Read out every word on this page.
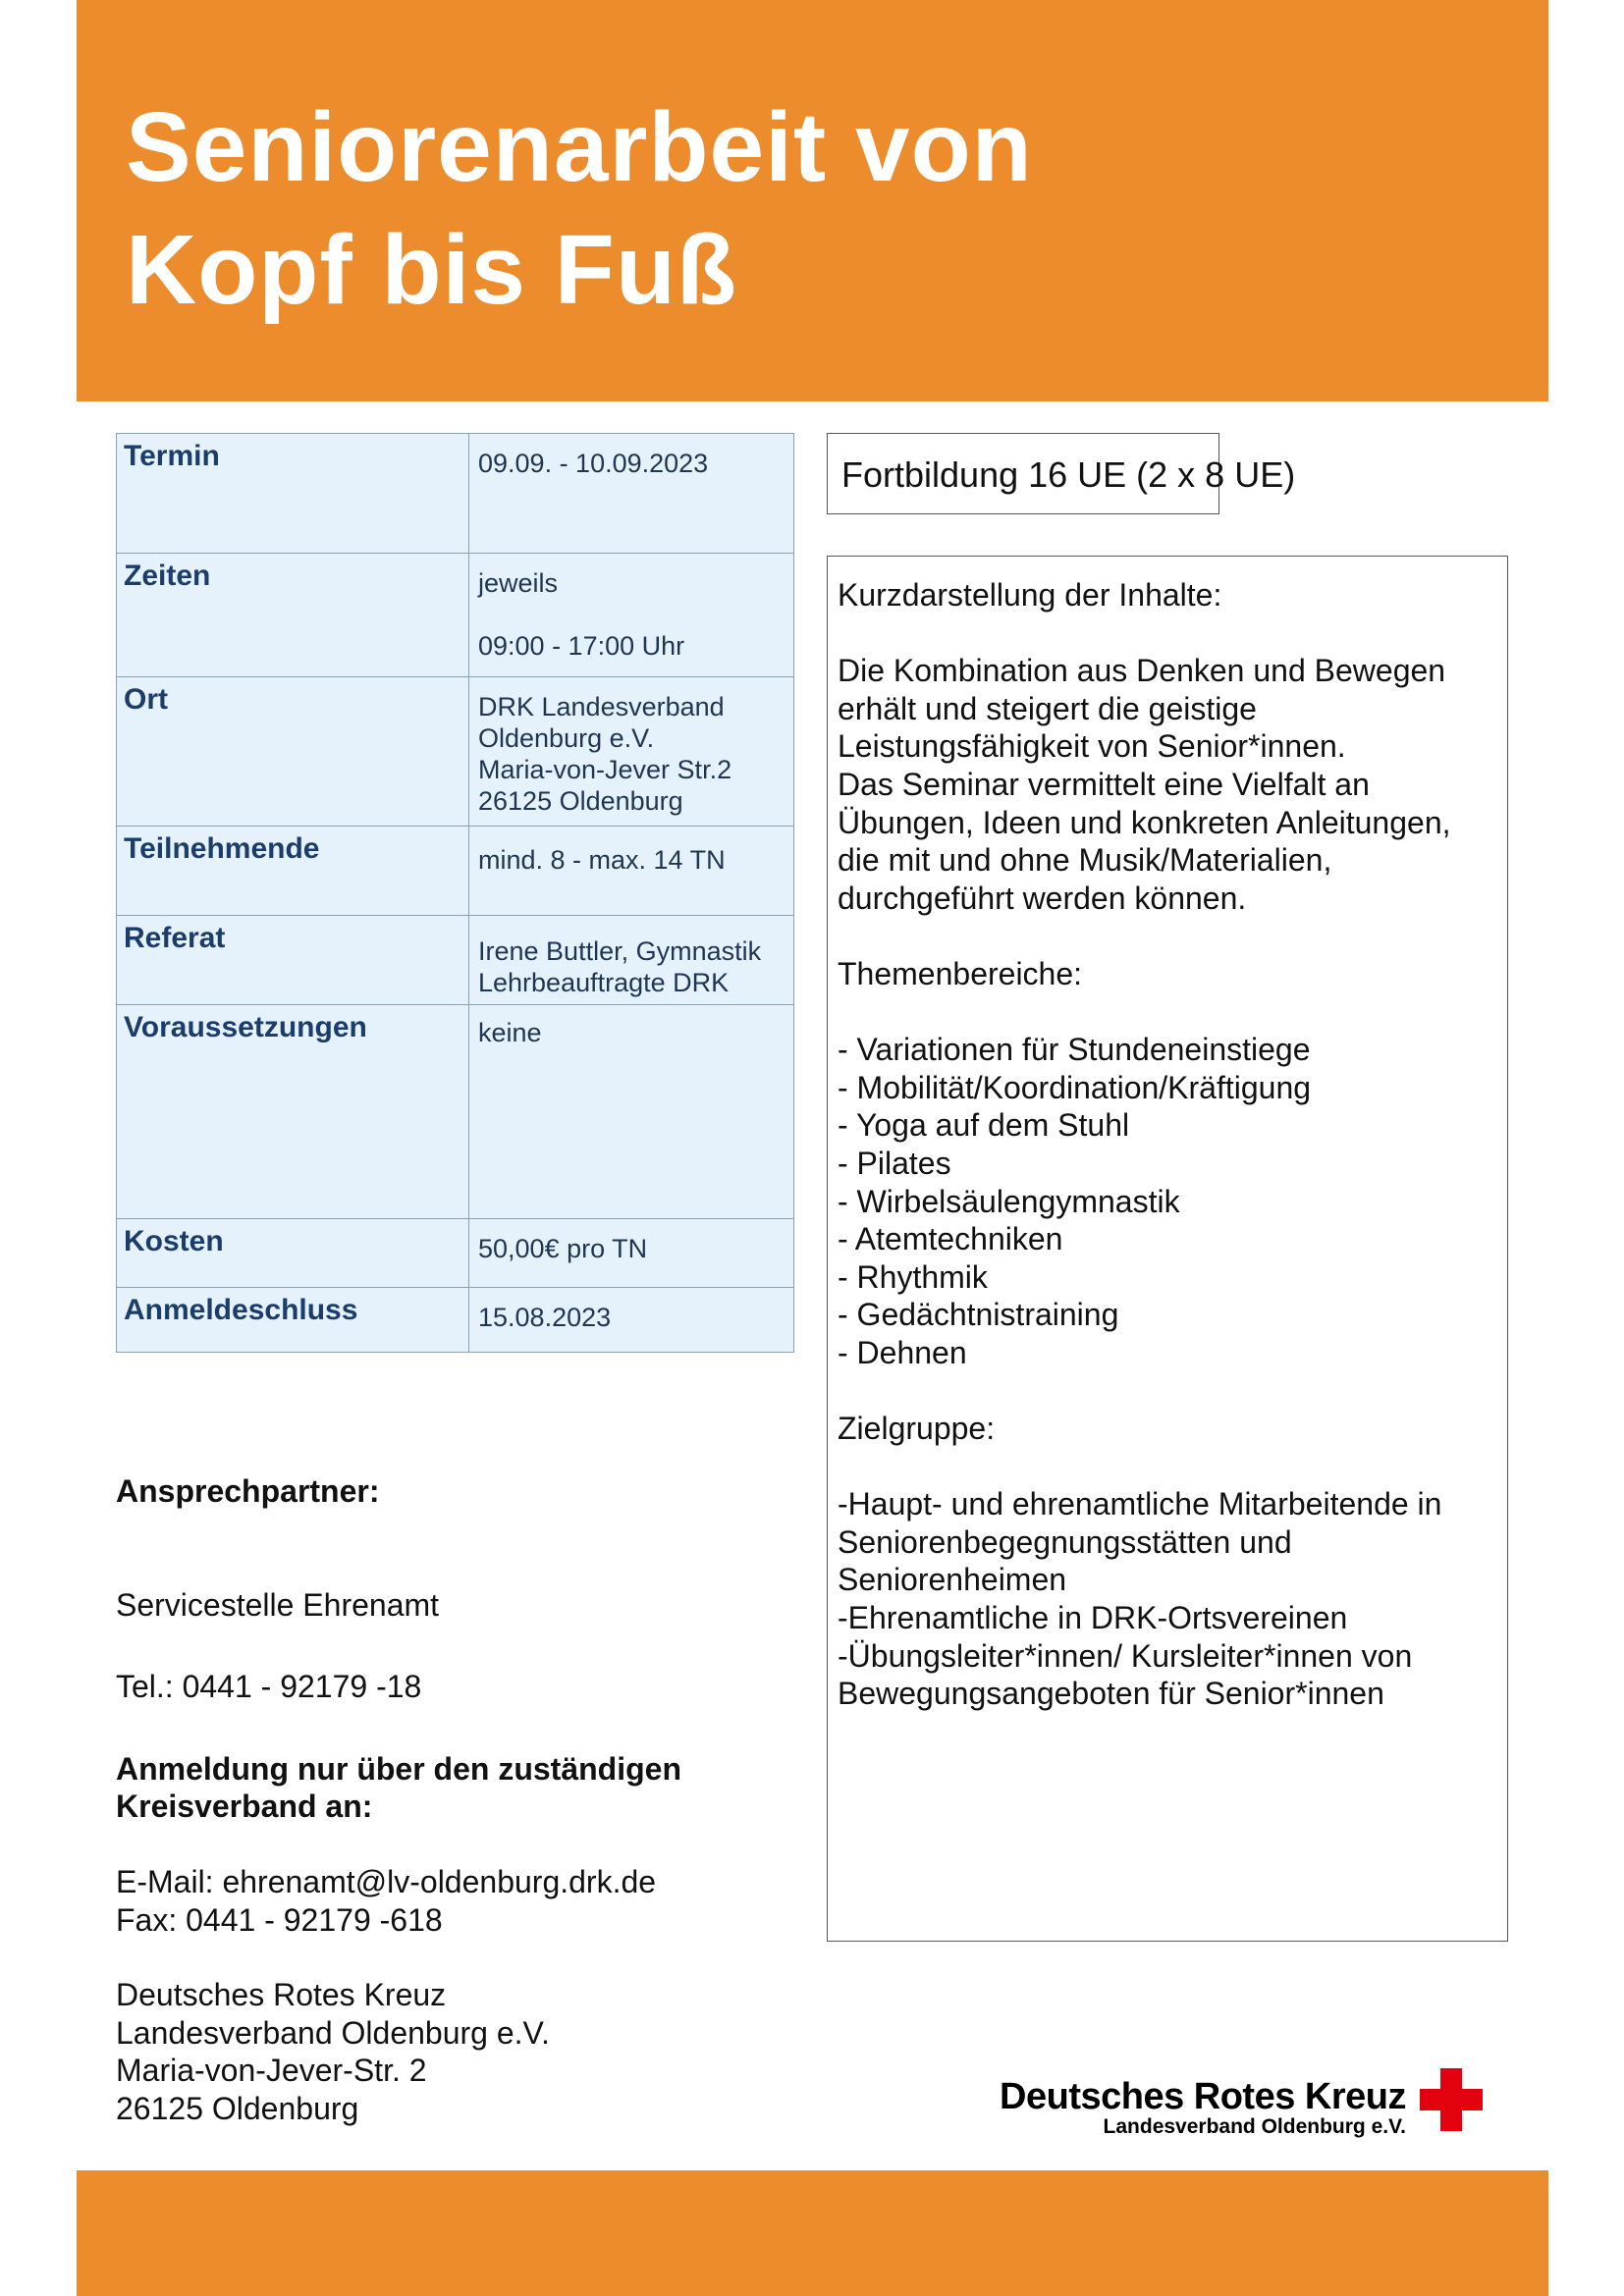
Seniorenarbeit von
Kopf bis Fuß
Termin	09.09. - 10.09.2023

Zeiten	jeweils
09:00 - 17:00 Uhr

Ort	DRK Landesverband
Oldenburg e.V.
Maria-von-Jever Str.2
26125 Oldenburg

Teilnehmende	mind. 8 - max. 14 TN

Referat	Irene Buttler, Gymnastik
Lehrbeauftragte DRK

Voraussetzungen	keine

Kosten	50,00€ pro TN

Anmeldeschluss	15.08.2023
Fortbildung 16 UE (2 x 8 UE)
Kurzdarstellung der Inhalte:
Die Kombination aus Denken und Bewegen
erhält und steigert die geistige
Leistungsfähigkeit von Senior*innen.
Das Seminar vermittelt eine Vielfalt an
Übungen, Ideen und konkreten Anleitungen,
die mit und ohne Musik/Materialien,
durchgeführt werden können.
Themenbereiche:
- Variationen für Stundeneinstiege
- Mobilität/Koordination/Kräftigung
- Yoga auf dem Stuhl
- Pilates
- Wirbelsäulengymnastik
- Atemtechniken
- Rhythmik
- Gedächtnistraining
- Dehnen
Zielgruppe:
-Haupt- und ehrenamtliche Mitarbeitende in
Seniorenbegegnungsstätten und
Seniorenheimen
-Ehrenamtliche in DRK-Ortsvereinen
-Übungsleiter*innen/ Kursleiter*innen von
Bewegungsangeboten für Senior*innen
Ansprechpartner:
Servicestelle Ehrenamt
Tel.: 0441 - 92179 -18
Anmeldung nur über den zuständigen
Kreisverband an:
E-Mail: ehrenamt@lv-oldenburg.drk.de
Fax: 0441 - 92179 -618
Deutsches Rotes Kreuz
Landesverband Oldenburg e.V.
Maria-von-Jever-Str. 2
26125 Oldenburg	Deutsches Rotes Kreuz
Landesverband Oldenburg e.V.
